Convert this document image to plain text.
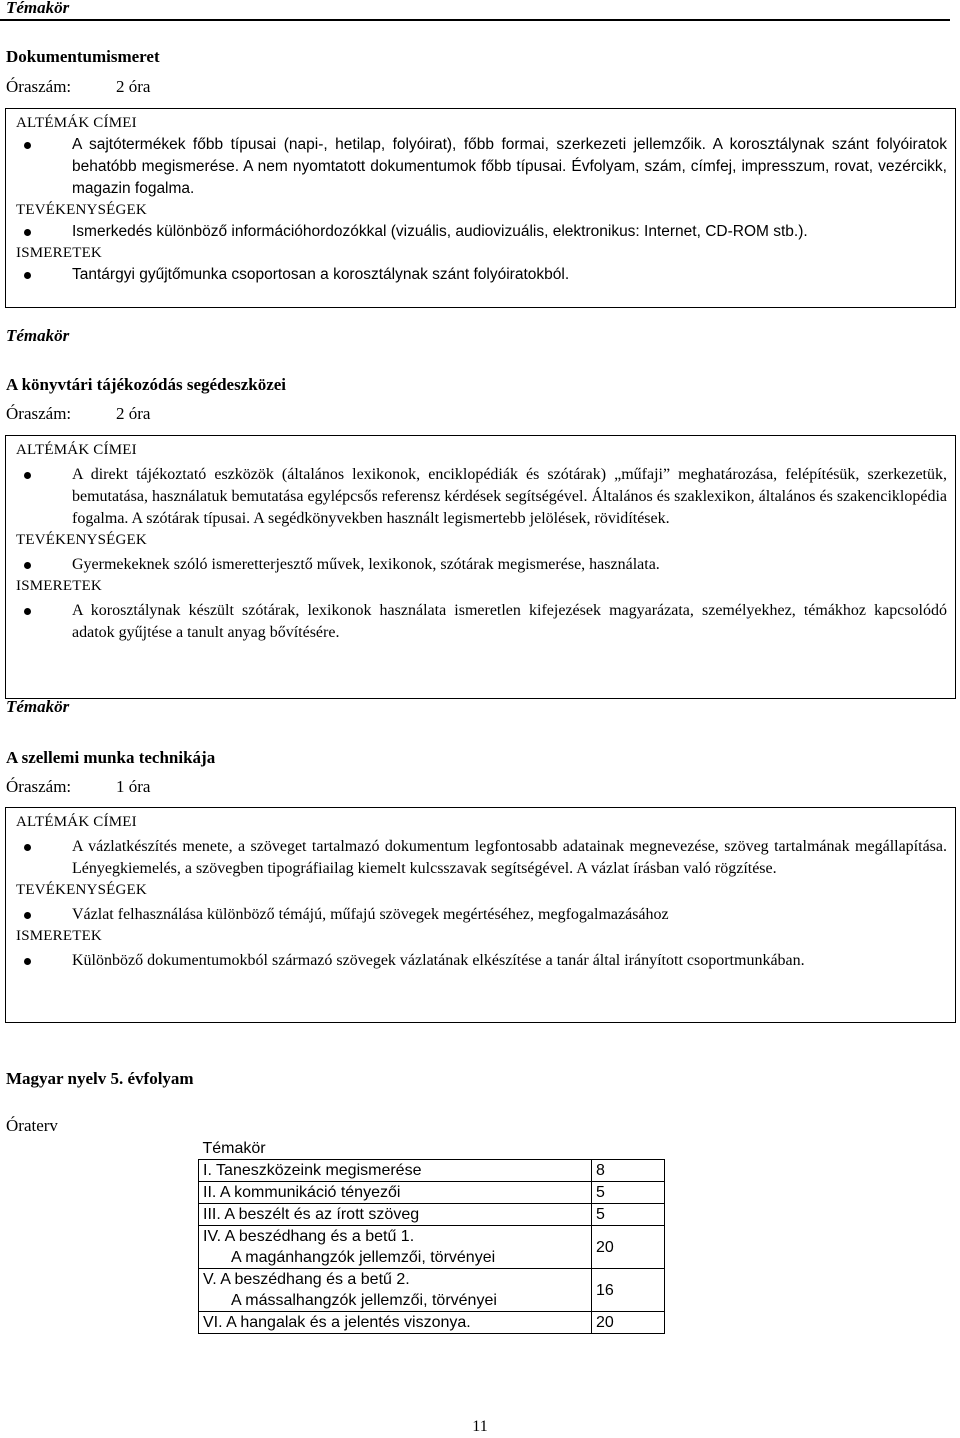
Témakör
Dokumentumismeret
Óraszám:	2 óra
ALTÉMÁK CÍMEI
A sajtótermékek főbb típusai (napi-, hetilap, folyóirat), főbb formai, szerkezeti jellemzőik. A korosztálynak szánt folyóiratok behatóbb megismerése. A nem nyomtatott dokumentumok főbb típusai. Évfolyam, szám, címfej, impresszum, rovat, vezércikk, magazin fogalma.
TEVÉKENYSÉGEK
Ismerkedés különböző információhordozókkal (vizuális, audiovizuális, elektronikus: Internet, CD-ROM stb.).
ISMERETEK
Tantárgyi gyűjtőmunka csoportosan a korosztálynak szánt folyóiratokból.
Témakör
A könyvtári tájékozódás segédeszközei
Óraszám:	2 óra
ALTÉMÁK CÍMEI
A direkt tájékoztató eszközök (általános lexikonok, enciklopédiák és szótárak) „műfaji” meghatározása, felépítésük, szerkezetük, bemutatása, használatuk bemutatása egylépcsős referensz kérdések segítségével. Általános és szaklexikon, általános és szakenciklopédia fogalma. A szótárak típusai. A segédkönyvekben használt legismertebb jelölések, rövidítések.
TEVÉKENYSÉGEK
Gyermekeknek szóló ismeretterjesztő művek, lexikonok, szótárak megismerése, használata.
ISMERETEK
A korosztálynak készült szótárak, lexikonok használata ismeretlen kifejezések magyarázata, személyekhez, témákhoz kapcsolódó adatok gyűjtése a tanult anyag bővítésére.
Témakör
A szellemi munka technikája
Óraszám:	1 óra
ALTÉMÁK CÍMEI
A vázlatkészítés menete, a szöveget tartalmazó dokumentum legfontosabb adatainak megnevezése, szöveg tartalmának megállapítása. Lényegkiemelés, a szövegben tipográfiailag kiemelt kulcsszavak segítségével. A vázlat írásban való rögzítése.
TEVÉKENYSÉGEK
Vázlat felhasználása különböző témájú, műfajú szövegek megértéséhez, megfogalmazásához
ISMERETEK
Különböző dokumentumokból származó szövegek vázlatának elkészítése a tanár által irányított csoportmunkában.
Magyar nyelv 5. évfolyam
Óraterv
Témakör	
I. Taneszközeink megismerése	8
II. A kommunikáció tényezői	5
III. A beszélt és az írott szöveg	5
IV. A beszédhang és a betű 1.
A magánhangzók jellemzői, törvényei	20
V. A beszédhang és a betű 2.
A mássalhangzók jellemzői, törvényei	16
VI. A hangalak és a jelentés viszonya.	20
11
